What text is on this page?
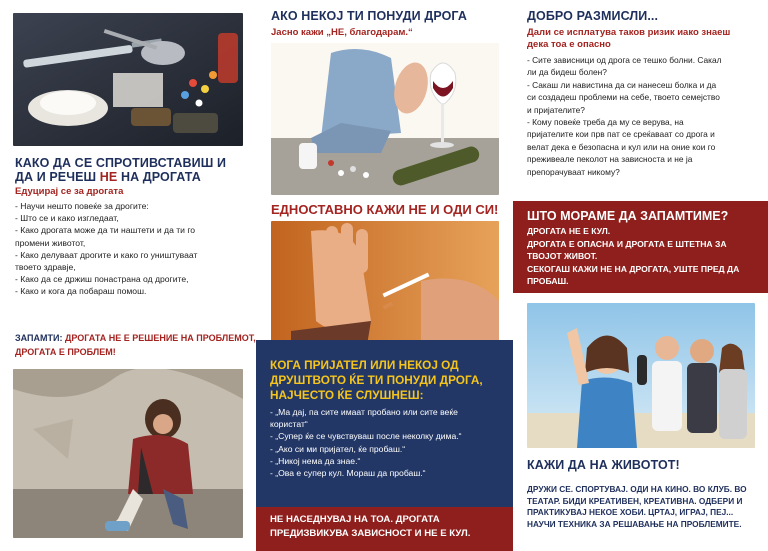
КАКО ДА СЕ СПРОТИВСТАВИШ И
ДА И РЕЧЕШ НЕ НА ДРОГАТА
Едуцирај се за дрогата
- Научи нешто повеќе за дрогите:
- Што се и како изгледаат,
- Како дрогата може да ти наштети и да ти го
промени животот,
- Како делуваат дрогите и како го уништуваат
твоето здравје,
- Како да се држиш понастрана од дрогите,
- Како и кога да побараш помош.
ЗАПАМТИ: ДРОГАТА НЕ Е РЕШЕНИЕ НА ПРОБЛЕМОТ,
ДРОГАТА Е ПРОБЛЕМ!
АКО НЕКОЈ ТИ ПОНУДИ ДРОГА
Јасно кажи „НЕ, благодарам.“
ЕДНОСТАВНО КАЖИ НЕ И ОДИ СИ!
КОГА ПРИЈАТЕЛ ИЛИ НЕКОЈ ОД
ДРУШТВОТО ЌЕ ТИ ПОНУДИ ДРОГА,
НАЈЧЕСТО ЌЕ СЛУШНЕШ:
- „Ма дај, па сите имаат пробано или сите веќе
користат“
- „Супер ќе се чувствуваш после неколку дима.“
- „Ако си ми пријател, ќе пробаш.“
- „Никој нема да знае.“
- „Ова е супер кул. Мораш да пробаш.“
НЕ НАСЕДНУВАЈ НА ТОА. ДРОГАТА
ПРЕДИЗВИКУВА ЗАВИСНОСТ И НЕ Е КУЛ.
ДОБРО РАЗМИСЛИ...
Дали се исплатува таков ризик иако знаеш
дека тоа е опасно
- Сите зависници од дрога се тешко болни. Сакал
ли да бидеш болен?
- Сакаш ли навистина да си нанесеш болка и да
си создадеш проблеми на себе, твоето семејство
и пријателите?
- Кому повеќе треба да му се верува, на
пријателите кои прв пат се среќаваат со дрога и
велат дека е безопасна и кул или на оние кои го
преживеале пеколот на зависноста и не ја
препорачуваат никому?
ШТО МОРАМЕ ДА ЗАПАМТИМЕ?
ДРОГАТА НЕ Е КУЛ.
ДРОГАТА Е ОПАСНА И ДРОГАТА Е ШТЕТНА ЗА
ТВОЈОТ ЖИВОТ.
СЕКОГАШ КАЖИ НЕ НА ДРОГАТА, УШТЕ ПРЕД ДА
ПРОБАШ.
КАЖИ ДА НА ЖИВОТОТ!
ДРУЖИ СЕ. СПОРТУВАЈ. ОДИ НА КИНО. ВО КЛУБ. ВО
ТЕАТАР. БИДИ КРЕАТИВЕН, КРЕАТИВНА. ОДБЕРИ И
ПРАКТИКУВАЈ НЕКОЕ ХОБИ. ЦРТАЈ, ИГРАЈ, ПЕЈ...
НАУЧИ ТЕХНИКА ЗА РЕШАВАЊЕ НА ПРОБЛЕМИТЕ.
